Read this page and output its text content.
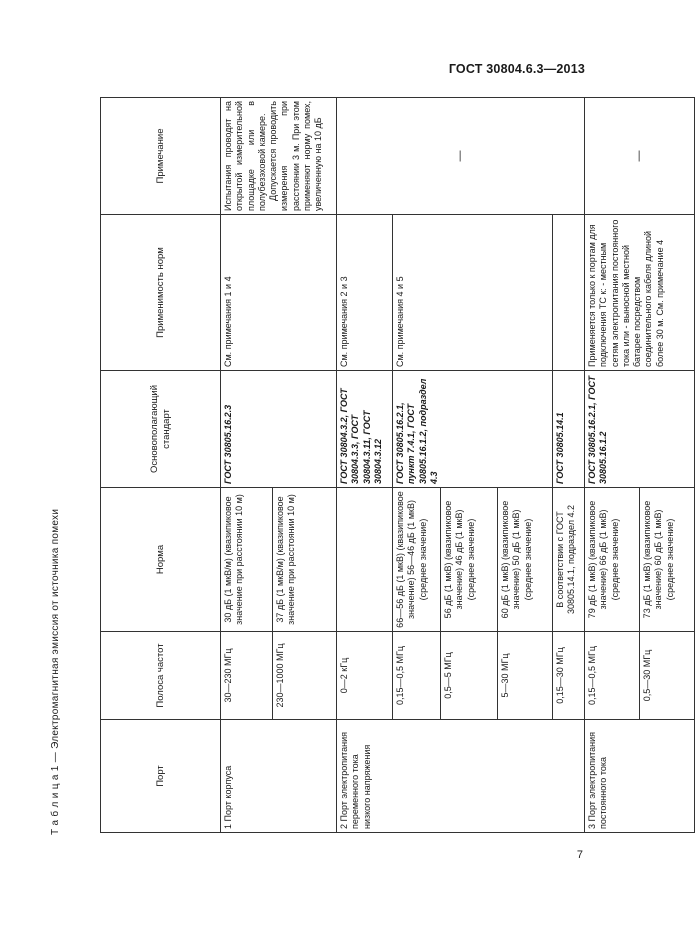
ГОСТ 30804.6.3—2013
Т а б л и ц а 1 — Электромагнитная эмиссия от источника помехи	Порт	Полоса частот	Норма	Основополагающий стандарт	Применимость норм	Примечание
1 Порт корпуса	30—230 МГц	30 дБ (1 мкВ/м) (квазипиковое значение при расстоянии 10 м)	ГОСТ 30805.16.2.3	См. примечания 1 и 4	Испытания проводят на открытой измерительной площадке или в полубезэховой камере. Допускается проводить измерения при расстоянии 3 м. При этом применяют норму помех, увеличенную на 10 дБ

	230—1000 МГц	37 дБ (1 мкВ/м) (квазипиковое значение при расстоянии 10 м)			
2 Порт электропитания переменного тока низкого напряжения	0—2 кГц		ГОСТ 30804.3.2, ГОСТ 30804.3.3, ГОСТ 30804.3.11, ГОСТ 30804.3.12	См. примечания 2 и 3	—
	0,15—0,5 МГц	66—56 дБ (1 мкВ) (квазипиковое значение) 56—46 дБ (1 мкВ) (среднее значение)	ГОСТ 30805.16.2.1, пункт 7.4.1, ГОСТ 30805.16.1.2, подраздел 4.3	См. примечания 4 и 5	
	0,5—5 МГц	56 дБ (1 мкВ) (квазипиковое значение) 46 дБ (1 мкВ) (среднее значение)			
	5—30 МГц	60 дБ (1 мкВ) (квазипиковое значение) 50 дБ (1 мкВ) (среднее значение)			
	0,15—30 МГц	В соответствии с ГОСТ 30805.14.1, подраздел 4.2	ГОСТ 30805.14.1		
3 Порт электропитания постоянного тока	0,15—0,5 МГц	79 дБ (1 мкВ) (квазипиковое значение) 66 дБ (1 мкВ) (среднее значение)	ГОСТ 30805.16.2.1, ГОСТ 30805.16.1.2	Применяется только к портам для подключения ТС к: - местным сетям электропитания постоянного тока или - выносной местной батарее посредством соединительного кабеля длиной более 30 м. См. примечание 4	—
	0,5—30 МГц	73 дБ (1 мкВ) (квазипиковое значение) 60 дБ (1 мкВ) (среднее значение)			
7
